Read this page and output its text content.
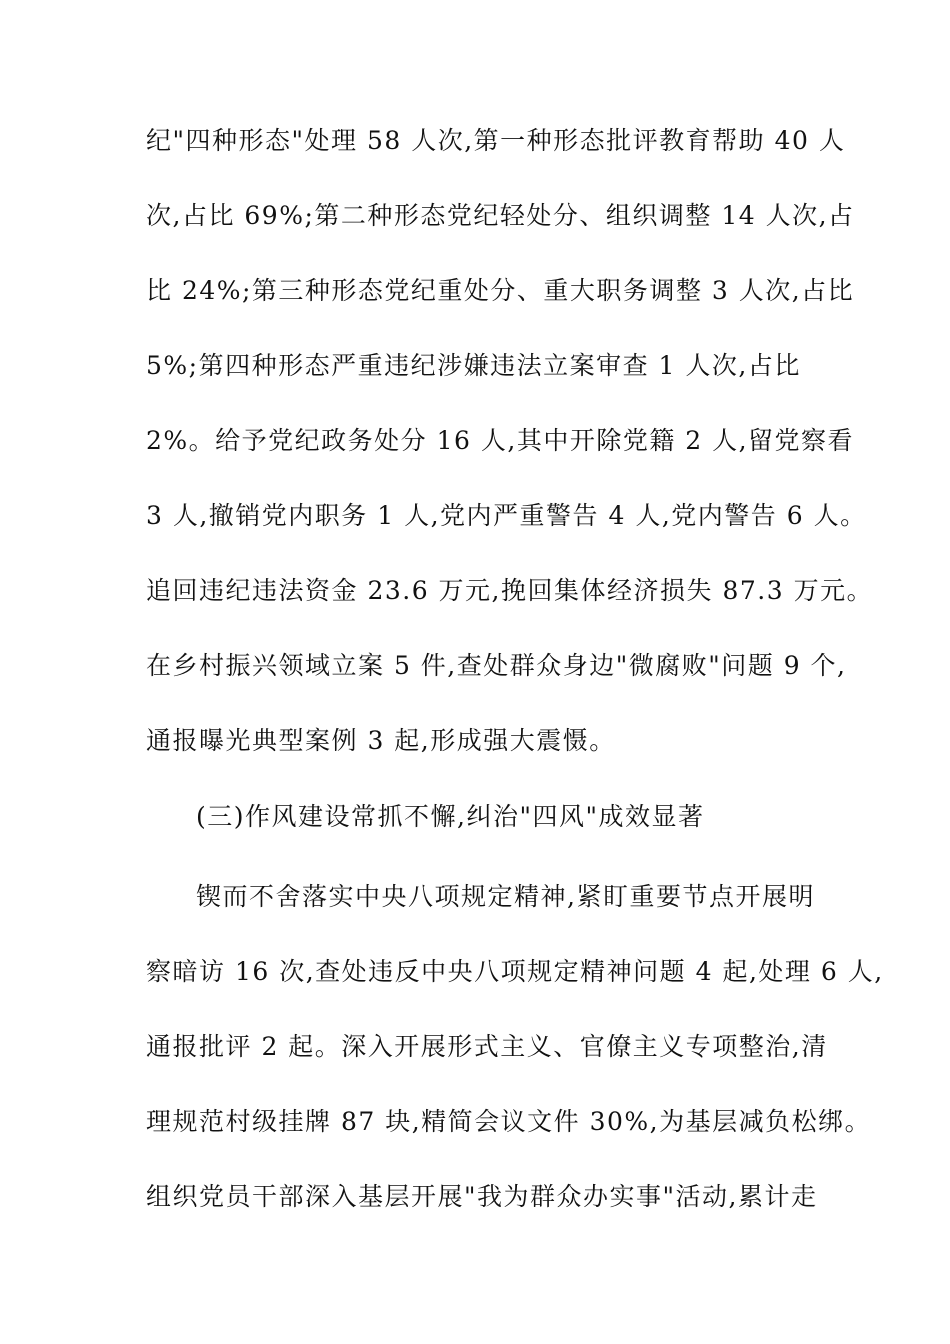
纪"四种形态"处理 58 人次,第一种形态批评教育帮助 40 人
次,占比 69%;第二种形态党纪轻处分、组织调整 14 人次,占
比 24%;第三种形态党纪重处分、重大职务调整 3 人次,占比
5%;第四种形态严重违纪涉嫌违法立案审查 1 人次,占比
2%。给予党纪政务处分 16 人,其中开除党籍 2 人,留党察看
3 人,撤销党内职务 1 人,党内严重警告 4 人,党内警告 6 人。
追回违纪违法资金 23.6 万元,挽回集体经济损失 87.3 万元。
在乡村振兴领域立案 5 件,查处群众身边"微腐败"问题 9 个,
通报曝光典型案例 3 起,形成强大震慑。
(三)作风建设常抓不懈,纠治"四风"成效显著
锲而不舍落实中央八项规定精神,紧盯重要节点开展明
察暗访 16 次,查处违反中央八项规定精神问题 4 起,处理 6 人,
通报批评 2 起。深入开展形式主义、官僚主义专项整治,清
理规范村级挂牌 87 块,精简会议文件 30%,为基层减负松绑。
组织党员干部深入基层开展"我为群众办实事"活动,累计走
